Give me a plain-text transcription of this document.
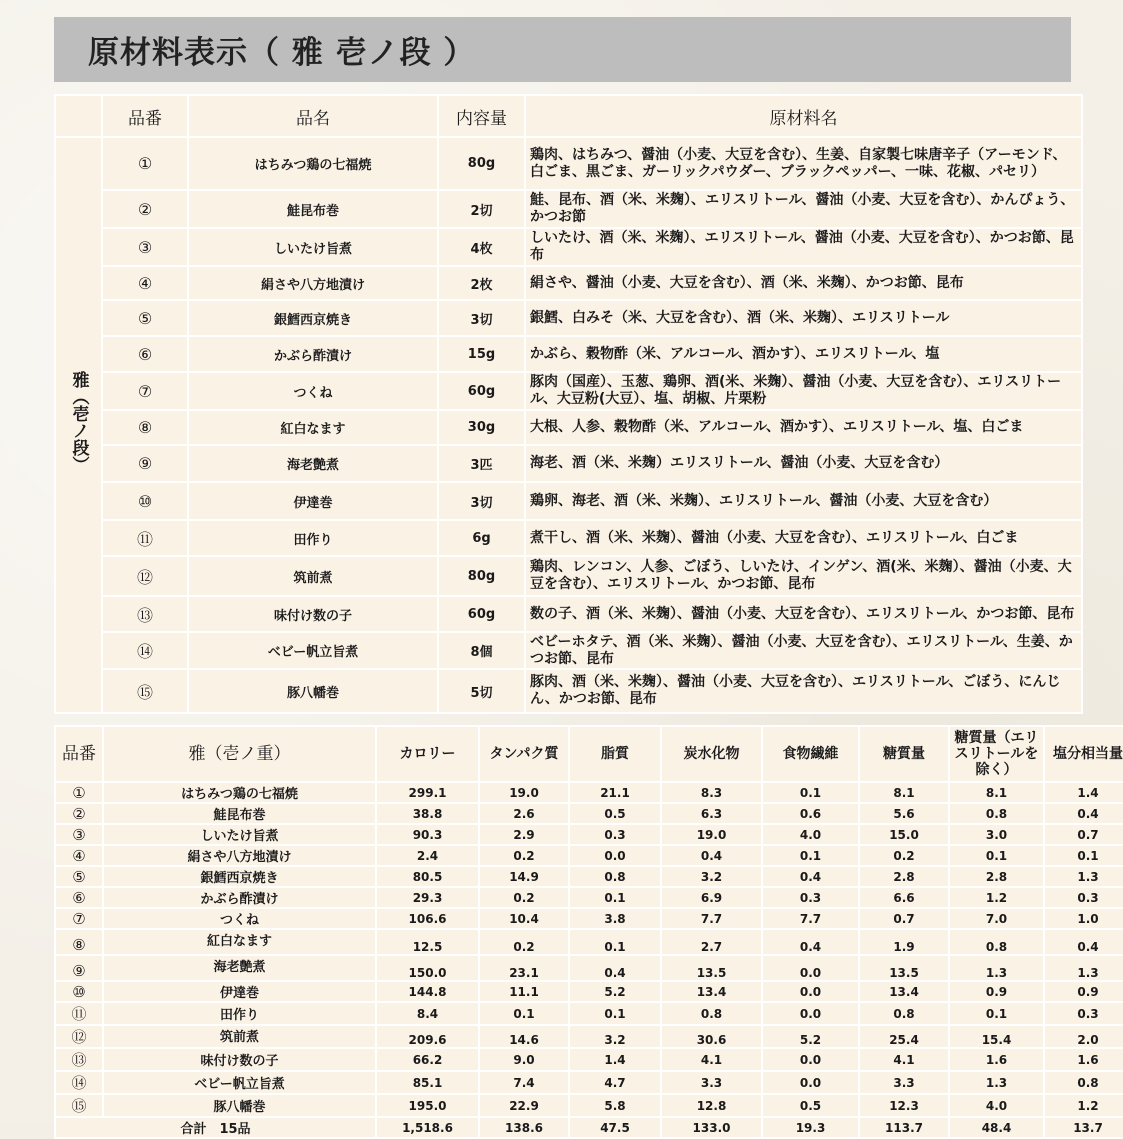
原材料表示（ 雅 壱ノ段 ）
	品番	品名	内容量	原材料名
雅（壱ノ段）	①	はちみつ鶏の七福焼	80g	鶏肉、はちみつ、醤油（小麦、大豆を含む）、生姜、自家製七味唐辛子（アーモンド、白ごま、黒ごま、ガーリックパウダー、ブラックペッパー、一味、花椒、パセリ）
	②	鮭昆布巻	2切	鮭、昆布、酒（米、米麹）、エリスリトール、醤油（小麦、大豆を含む）、かんぴょう、かつお節
	③	しいたけ旨煮	4枚	しいたけ、酒（米、米麹）、エリスリトール、醤油（小麦、大豆を含む）、かつお節、昆布
	④	絹さや八方地漬け	2枚	絹さや、醤油（小麦、大豆を含む）、酒（米、米麹）、かつお節、昆布
	⑤	銀鱈西京焼き	3切	銀鱈、白みそ（米、大豆を含む）、酒（米、米麹）、エリスリトール
	⑥	かぶら酢漬け	15g	かぶら、穀物酢（米、アルコール、酒かす）、エリスリトール、塩
	⑦	つくね	60g	豚肉（国産）、玉葱、鶏卵、酒(米、米麹）、醤油（小麦、大豆を含む）、エリスリトール、大豆粉(大豆）、塩、胡椒、片栗粉
	⑧	紅白なます	30g	大根、人参、穀物酢（米、アルコール、酒かす）、エリスリトール、塩、白ごま
	⑨	海老艶煮	3匹	海老、酒（米、米麹）エリスリトール、醤油（小麦、大豆を含む）
	⑩	伊達巻	3切	鶏卵、海老、酒（米、米麹）、エリスリトール、醤油（小麦、大豆を含む）
	⑪	田作り	6g	煮干し、酒（米、米麹）、醤油（小麦、大豆を含む）、エリスリトール、白ごま
	⑫	筑前煮	80g	鶏肉、レンコン、人参、ごぼう、しいたけ、インゲン、酒(米、米麹）、醤油（小麦、大豆を含む）、エリスリトール、かつお節、昆布
	⑬	味付け数の子	60g	数の子、酒（米、米麹）、醤油（小麦、大豆を含む）、エリスリトール、かつお節、昆布
	⑭	ベビー帆立旨煮	8個	ベビーホタテ、酒（米、米麹）、醤油（小麦、大豆を含む）、エリスリトール、生姜、かつお節、昆布
	⑮	豚八幡巻	5切	豚肉、酒（米、米麹）、醤油（小麦、大豆を含む）、エリスリトール、ごぼう、にんじん、かつお節、昆布
品番	雅（壱ノ重）	カロリー	タンパク質	脂質	炭水化物	食物繊維	糖質量	糖質量（エリスリトールを除く）	塩分相当量
①	はちみつ鶏の七福焼	299.1	19.0	21.1	8.3	0.1	8.1	8.1	1.4
②	鮭昆布巻	38.8	2.6	0.5	6.3	0.6	5.6	0.8	0.4
③	しいたけ旨煮	90.3	2.9	0.3	19.0	4.0	15.0	3.0	0.7
④	絹さや八方地漬け	2.4	0.2	0.0	0.4	0.1	0.2	0.1	0.1
⑤	銀鱈西京焼き	80.5	14.9	0.8	3.2	0.4	2.8	2.8	1.3
⑥	かぶら酢漬け	29.3	0.2	0.1	6.9	0.3	6.6	1.2	0.3
⑦	つくね	106.6	10.4	3.8	7.7	7.7	0.7	7.0	1.0
⑧	紅白なます	12.5	0.2	0.1	2.7	0.4	1.9	0.8	0.4
⑨	海老艶煮	150.0	23.1	0.4	13.5	0.0	13.5	1.3	1.3
⑩	伊達巻	144.8	11.1	5.2	13.4	0.0	13.4	0.9	0.9
⑪	田作り	8.4	0.1	0.1	0.8	0.0	0.8	0.1	0.3
⑫	筑前煮	209.6	14.6	3.2	30.6	5.2	25.4	15.4	2.0
⑬	味付け数の子	66.2	9.0	1.4	4.1	0.0	4.1	1.6	1.6
⑭	ベビー帆立旨煮	85.1	7.4	4.7	3.3	0.0	3.3	1.3	0.8
⑮	豚八幡巻	195.0	22.9	5.8	12.8	0.5	12.3	4.0	1.2
合計　15品		1,518.6	138.6	47.5	133.0	19.3	113.7	48.4	13.7
